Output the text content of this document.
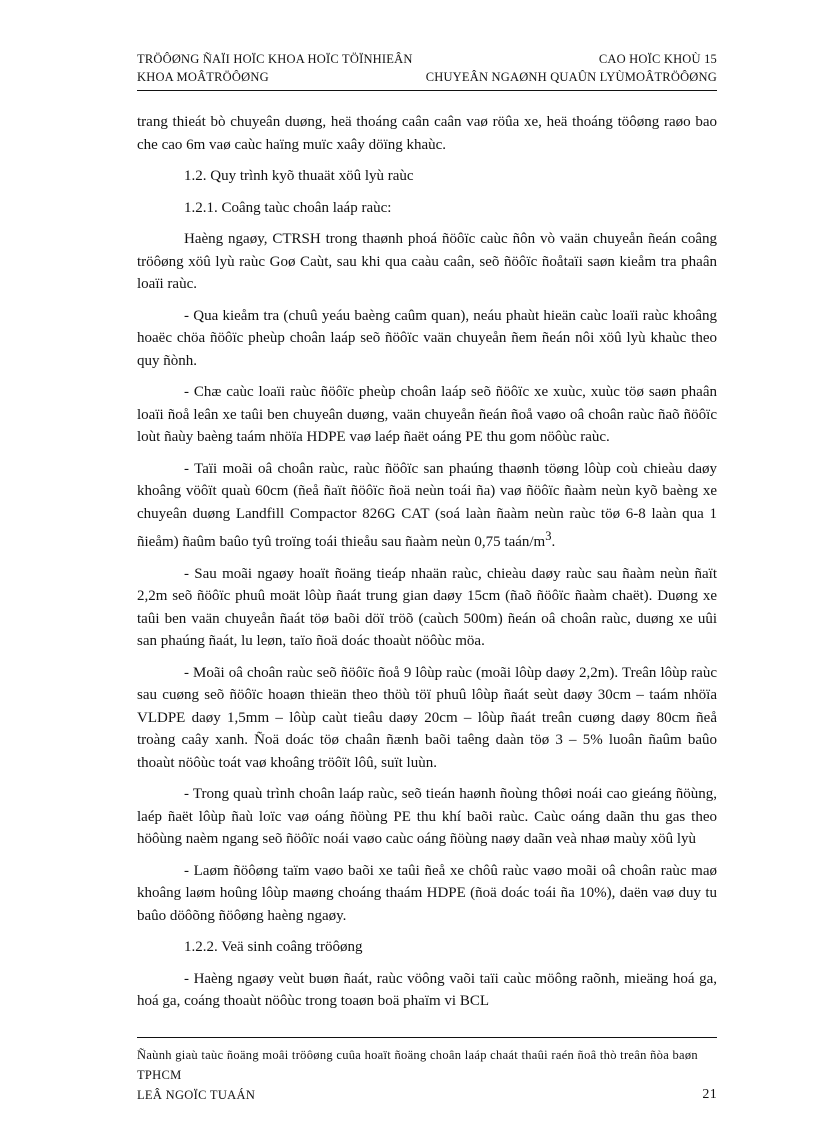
TRÖÔØNG ÑAÏI HOÏC KHOA HOÏC TÖÏNHIEÂN	CAO HOÏC KHOÙ 15
KHOA MOÂTRÖÔØNG	CHUYEÂN NGAØNH QUAÛN LYÙMOÂTRÖÔØNG

trang thieát bò chuyeân duøng, heä thoáng caân caân vaø röûa xe, heä thoáng töôøng raøo bao che cao 6m vaø caùc haïng muïc xaây döïng khaùc.

1.2. Quy trình kyõ thuaät xöû lyù raùc

1.2.1. Coâng taùc choân laáp raùc:

Haèng ngaøy, CTRSH trong thaønh phoá ñöôïc caùc ñôn vò vaän chuyeån ñeán coâng tröôøng xöû lyù raùc Goø Caùt, sau khi qua caàu caân, seõ ñöôïc ñoåtaïi saøn kieåm tra phaân loaïi raùc.

- Qua kieåm tra (chuû yeáu baèng caûm quan), neáu phaùt hieän caùc loaïi raùc khoâng hoaëc chöa ñöôïc pheùp choân laáp seõ ñöôïc vaän chuyeån ñem ñeán nôi xöû lyù khaùc theo quy ñònh.

- Chæ caùc loaïi raùc ñöôïc pheùp choân laáp seõ ñöôïc xe xuùc, xuùc töø saøn phaân loaïi ñoå leân xe taûi ben chuyeân duøng, vaän chuyeån ñeán ñoå vaøo oâ choân raùc ñaõ ñöôïc loùt ñaùy baèng taám nhöïa HDPE vaø laép ñaët oáng PE thu gom nöôùc raùc.

- Taïi moãi oâ choân raùc, raùc ñöôïc san phaúng thaønh töøng lôùp coù chieàu daøy khoâng vöôït quaù 60cm (ñeå ñaït ñöôïc ñoä neùn toái ña) vaø ñöôïc ñaàm neùn kyõ baèng xe chuyeân duøng Landfill Compactor 826G CAT (soá laàn ñaàm neùn raùc töø 6-8 laàn qua 1 ñieåm) ñaûm baûo tyû troïng toái thieåu sau ñaàm neùn 0,75 taán/$m^3$.

- Sau moãi ngaøy hoaït ñoäng tieáp nhaän raùc, chieàu daøy raùc sau ñaàm neùn ñaït 2,2m seõ ñöôïc phuû moät lôùp ñaát trung gian daøy 15cm (ñaõ ñöôïc ñaàm chaët). Duøng xe taûi ben vaän chuyeån ñaát töø baõi döï tröõ (caùch 500m) ñeán oâ choân raùc, duøng xe uûi san phaúng ñaát, lu leøn, taïo ñoä doác thoaùt nöôùc möa.

- Moãi oâ choân raùc seõ ñöôïc ñoå 9 lôùp raùc (moãi lôùp daøy 2,2m). Treân lôùp raùc sau cuøng seõ ñöôïc hoaøn thieän theo thöù töï phuû lôùp ñaát seùt daøy 30cm – taám nhöïa VLDPE daøy 1,5mm – lôùp caùt tieâu daøy 20cm – lôùp ñaát treân cuøng daøy 80cm ñeå troàng caây xanh. Ñoä doác töø chaân ñænh baõi taêng daàn töø 3 – 5% luoân ñaûm baûo thoaùt nöôùc toát vaø khoâng tröôït lôû, suït luùn.

- Trong quaù trình choân laáp raùc, seõ tieán haønh ñoùng thôøi noái cao gieáng ñöùng, laép ñaët lôùp ñaù loïc vaø oáng ñöùng PE thu khí baõi raùc. Caùc oáng daãn thu gas theo höôùng naèm ngang seõ ñöôïc noái vaøo caùc oáng ñöùng naøy daãn veà nhaø maùy xöû lyù

- Laøm ñöôøng taïm vaøo baõi xe taûi ñeå xe chôû raùc vaøo moãi oâ choân raùc maø khoâng laøm hoûng lôùp maøng choáng thaám HDPE (ñoä doác toái ña 10%), daën vaø duy tu baûo döôõng ñöôøng haèng ngaøy.

1.2.2. Veä sinh coâng tröôøng

- Haèng ngaøy veùt buøn ñaát, raùc vöông vaõi taïi caùc möông raõnh, mieäng hoá ga, hoá ga, coáng thoaùt nöôùc trong toaøn boä phaïm vi BCL

Ñaùnh giaù taùc ñoäng moâi tröôøng cuûa hoaït ñoäng choân laáp chaát thaûi raén ñoâ thò treân ñòa baøn TPHCM
LEÂ NGOÏC TUAÁN	21
